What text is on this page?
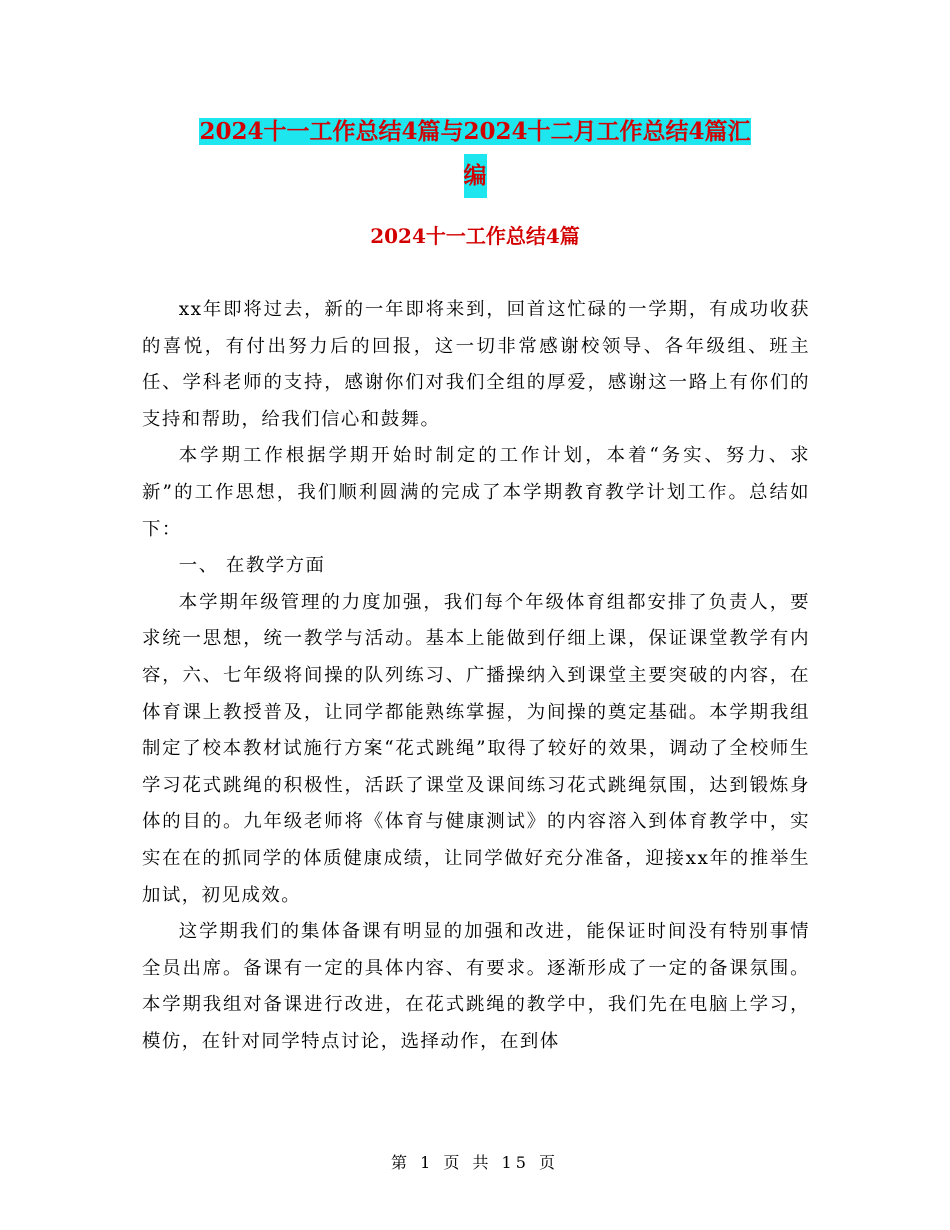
2024十一工作总结4篇与2024十二月工作总结4篇汇
编
2024十一工作总结4篇

xx年即将过去，新的一年即将来到，回首这忙碌的一学期，有成功收获的喜悦，有付出努力后的回报，这一切非常感谢校领导、各年级组、班主任、学科老师的支持，感谢你们对我们全组的厚爱，感谢这一路上有你们的支持和帮助，给我们信心和鼓舞。

本学期工作根据学期开始时制定的工作计划，本着“务实、努力、求新”的工作思想，我们顺利圆满的完成了本学期教育教学计划工作。总结如下：

一、 在教学方面

本学期年级管理的力度加强，我们每个年级体育组都安排了负责人，要求统一思想，统一教学与活动。基本上能做到仔细上课，保证课堂教学有内容，六、七年级将间操的队列练习、广播操纳入到课堂主要突破的内容，在体育课上教授普及，让同学都能熟练掌握，为间操的奠定基础。本学期我组制定了校本教材试施行方案“花式跳绳”取得了较好的效果，调动了全校师生学习花式跳绳的积极性，活跃了课堂及课间练习花式跳绳氛围，达到锻炼身体的目的。九年级老师将《体育与健康测试》的内容溶入到体育教学中，实实在在的抓同学的体质健康成绩，让同学做好充分准备，迎接xx年的推举生加试，初见成效。

这学期我们的集体备课有明显的加强和改进，能保证时间没有特别事情全员出席。备课有一定的具体内容、有要求。逐渐形成了一定的备课氛围。本学期我组对备课进行改进，在花式跳绳的教学中，我们先在电脑上学习，模仿，在针对同学特点讨论，选择动作，在到体

第 1 页 共 15 页
